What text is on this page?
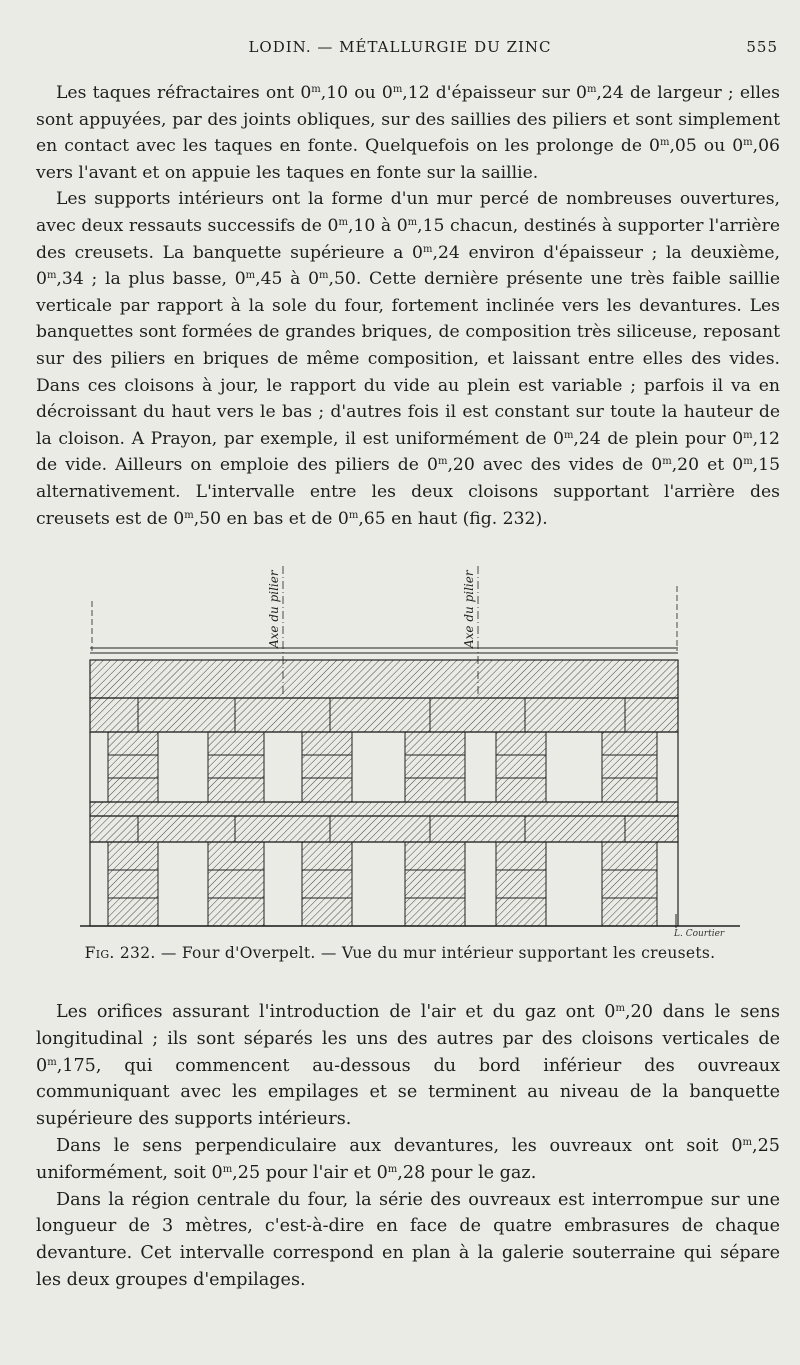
LODIN. — MÉTALLURGIE DU ZINC	555

Les taques réfractaires ont 0$^m$,10 ou 0$^m$,12 d'épaisseur sur 0$^m$,24 de largeur ; elles sont appuyées, par des joints obliques, sur des saillies des piliers et sont simplement en contact avec les taques en fonte. Quelquefois on les prolonge de 0$^m$,05 ou 0$^m$,06 vers l'avant et on appuie les taques en fonte sur la saillie.

Les supports intérieurs ont la forme d'un mur percé de nombreuses ouvertures, avec deux ressauts successifs de 0$^m$,10 à 0$^m$,15 chacun, destinés à supporter l'arrière des creusets. La banquette supérieure a 0$^m$,24 environ d'épaisseur ; la deuxième, 0$^m$,34 ; la plus basse, 0$^m$,45 à 0$^m$,50. Cette dernière présente une très faible saillie verticale par rapport à la sole du four, fortement inclinée vers les devantures. Les banquettes sont formées de grandes briques, de composition très siliceuse, reposant sur des piliers en briques de même composition, et laissant entre elles des vides. Dans ces cloisons à jour, le rapport du vide au plein est variable ; parfois il va en décroissant du haut vers le bas ; d'autres fois il est constant sur toute la hauteur de la cloison. A Prayon, par exemple, il est uniformément de 0$^m$,24 de plein pour 0$^m$,12 de vide. Ailleurs on emploie des piliers de 0$^m$,20 avec des vides de 0$^m$,20 et 0$^m$,15 alternativement. L'intervalle entre les deux cloisons supportant l'arrière des creusets est de 0$^m$,50 en bas et de 0$^m$,65 en haut (fig. 232).

Axe du pilier	Axe du pilier
L. Courtier
Fig. 232. — Four d'Overpelt. — Vue du mur intérieur supportant les creusets.

Les orifices assurant l'introduction de l'air et du gaz ont 0$^m$,20 dans le sens longitudinal ; ils sont séparés les uns des autres par des cloisons verticales de 0$^m$,175, qui commencent au-dessous du bord inférieur des ouvreaux communiquant avec les empilages et se terminent au niveau de la banquette supérieure des supports intérieurs.

Dans le sens perpendiculaire aux devantures, les ouvreaux ont soit 0$^m$,25 uniformément, soit 0$^m$,25 pour l'air et 0$^m$,28 pour le gaz.

Dans la région centrale du four, la série des ouvreaux est interrompue sur une longueur de 3 mètres, c'est-à-dire en face de quatre embrasures de chaque devanture. Cet intervalle correspond en plan à la galerie souterraine qui sépare les deux groupes d'empilages.
